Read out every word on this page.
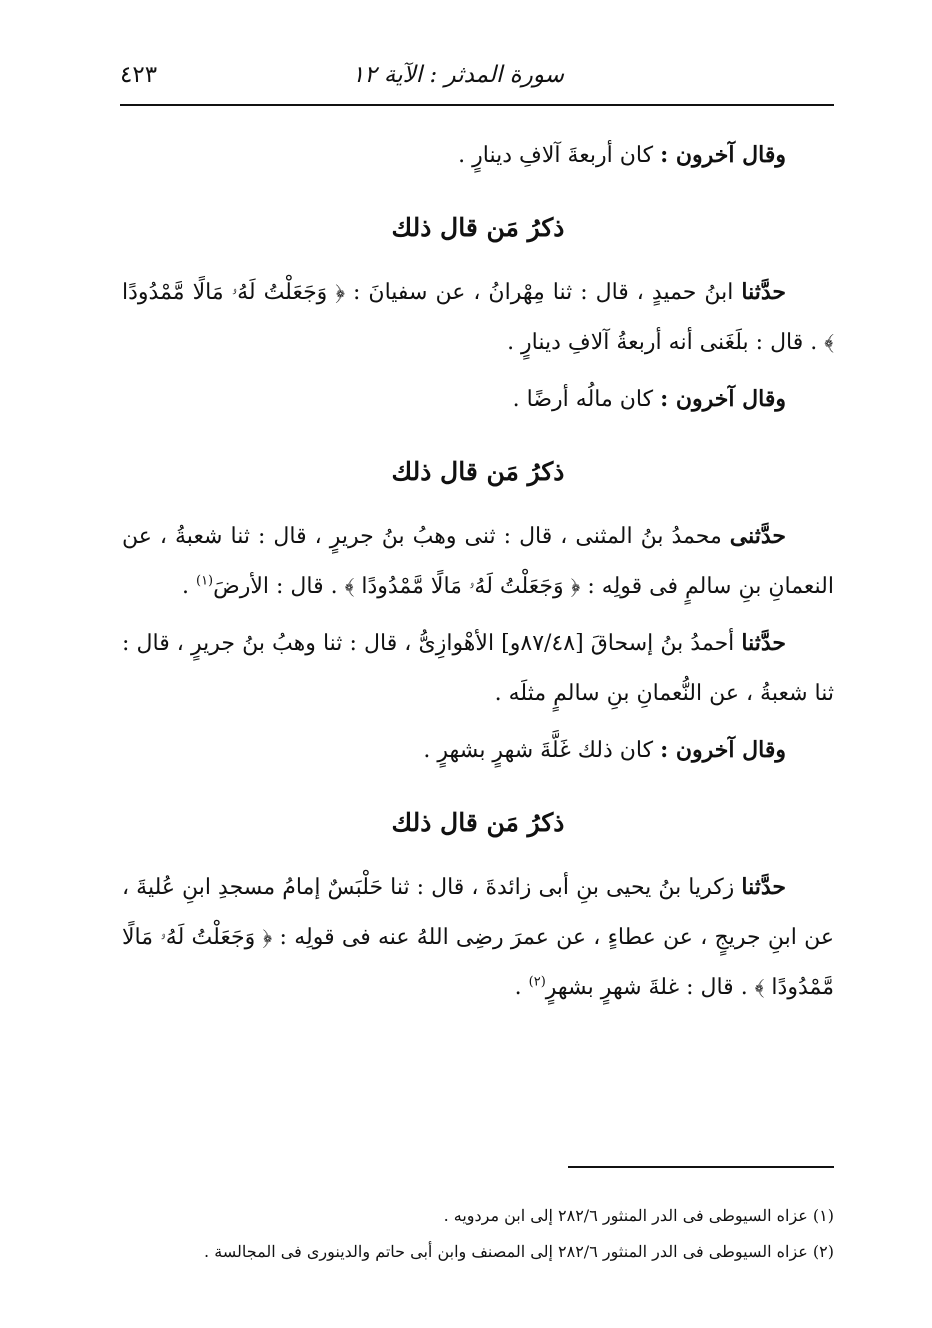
سورة المدثر : الآية ١٢
٤٢٣

وقال آخرون : كان أربعةَ آلافِ دينارٍ .

ذكرُ مَن قال ذلك

حدَّثنا ابنُ حميدٍ ، قال : ثنا مِهْرانُ ، عن سفيانَ : ﴿ وَجَعَلْتُ لَهُۥ مَالًا مَّمْدُودًا ﴾ . قال : بلَغَنى أنه أربعةُ آلافِ دينارٍ .

وقال آخرون : كان مالُه أرضًا .

ذكرُ مَن قال ذلك

حدَّثنى محمدُ بنُ المثنى ، قال : ثنى وهبُ بنُ جريرٍ ، قال : ثنا شعبةُ ، عن النعمانِ بنِ سالمٍ فى قولِه : ﴿ وَجَعَلْتُ لَهُۥ مَالًا مَّمْدُودًا ﴾ . قال : الأرضَ$^{(١)}$ .

حدَّثنا أحمدُ بنُ إسحاقَ [٨٧/٤٨و] الأهْوازِىُّ ، قال : ثنا وهبُ بنُ جريرٍ ، قال : ثنا شعبةُ ، عن النُّعمانِ بنِ سالمٍ مثلَه .

وقال آخرون : كان ذلك غَلَّةَ شهرٍ بشهرٍ .

ذكرُ مَن قال ذلك

حدَّثنا زكريا بنُ يحيى بنِ أبى زائدةَ ، قال : ثنا حَلْبَسٌ إمامُ مسجدِ ابنِ عُليةَ ، عن ابنِ جريجٍ ، عن عطاءٍ ، عن عمرَ رضِى اللهُ عنه فى قولِه : ﴿ وَجَعَلْتُ لَهُۥ مَالًا مَّمْدُودًا ﴾ . قال : غلةَ شهرٍ بشهرٍ$^{(٢)}$ .

(١) عزاه السيوطى فى الدر المنثور ٢٨٢/٦ إلى ابن مردويه .

(٢) عزاه السيوطى فى الدر المنثور ٢٨٢/٦ إلى المصنف وابن أبى حاتم والدينورى فى المجالسة .
